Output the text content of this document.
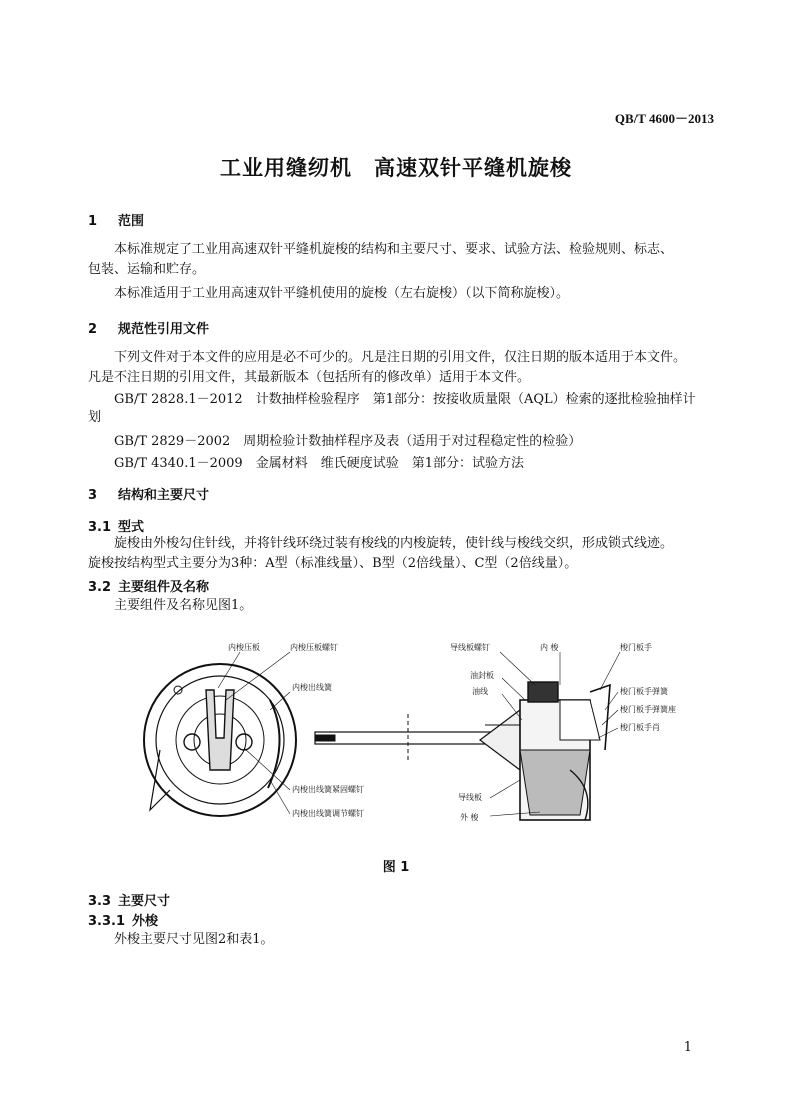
QB/T 4600－2013
工业用缝纫机　高速双针平缝机旋梭
1 范围
本标准规定了工业用高速双针平缝机旋梭的结构和主要尺寸、要求、试验方法、检验规则、标志、
包装、运输和贮存。
本标准适用于工业用高速双针平缝机使用的旋梭（左右旋梭）（以下简称旋梭）。
2 规范性引用文件
下列文件对于本文件的应用是必不可少的。凡是注日期的引用文件，仅注日期的版本适用于本文件。
凡是不注日期的引用文件，其最新版本（包括所有的修改单）适用于本文件。
GB/T 2828.1－2012　计数抽样检验程序　第1部分：按接收质量限（AQL）检索的逐批检验抽样计
划
GB/T 2829－2002　周期检验计数抽样程序及表（适用于对过程稳定性的检验）
GB/T 4340.1－2009　金属材料　维氏硬度试验　第1部分：试验方法
3 结构和主要尺寸
3.1 型式
旋梭由外梭勾住针线，并将针线环绕过装有梭线的内梭旋转，使针线与梭线交织，形成锁式线迹。
旋梭按结构型式主要分为3种：A型（标准线量）、B型（2倍线量）、C型（2倍线量）。
3.2 主要组件及名称
主要组件及名称见图1。
内梭压板	内梭压板螺钉
内梭出线簧
内梭出线簧紧固螺钉
内梭出线簧调节螺钉
导线板螺钉	内 梭	梭门板手
油封板
油线	梭门板手弹簧
梭门板手弹簧座
梭门板手肖
导线板
外 梭
图 1
3.3 主要尺寸
3.3.1 外梭
外梭主要尺寸见图2和表1。
1
